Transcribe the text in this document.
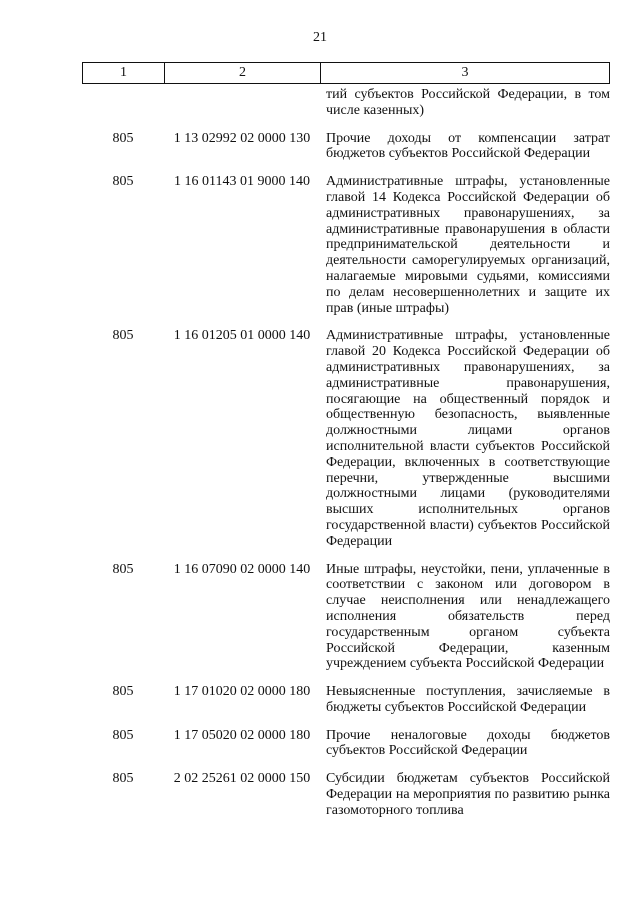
21
1	2	3
тий субъектов Российской Федерации, в том числе казенных)
805	1 13 02992 02 0000 130	Прочие доходы от компенсации затрат бюджетов субъектов Российской Федерации
805	1 16 01143 01 9000 140	Административные штрафы, установленные главой 14 Кодекса Российской Федерации об административных правонарушениях, за административные правонарушения в области предпринимательской деятельности и деятельности саморегулируемых организаций, налагаемые мировыми судьями, комиссиями по делам несовершеннолетних и защите их прав (иные штрафы)
805	1 16 01205 01 0000 140	Административные штрафы, установленные главой 20 Кодекса Российской Федерации об административных правонарушениях, за административные правонарушения, посягающие на общественный порядок и общественную безопасность, выявленные должностными лицами органов исполнительной власти субъектов Российской Федерации, включенных в соответствующие перечни, утвержденные высшими должностными лицами (руководителями высших исполнительных органов государственной власти) субъектов Российской Федерации
805	1 16 07090 02 0000 140	Иные штрафы, неустойки, пени, уплаченные в соответствии с законом или договором в случае неисполнения или ненадлежащего исполнения обязательств перед государственным органом субъекта Российской Федерации, казенным учреждением субъекта Российской Федерации
805	1 17 01020 02 0000 180	Невыясненные поступления, зачисляемые в бюджеты субъектов Российской Федерации
805	1 17 05020 02 0000 180	Прочие неналоговые доходы бюджетов субъектов Российской Федерации
805	2 02 25261 02 0000 150	Субсидии бюджетам субъектов Российской Федерации на мероприятия по развитию рынка газомоторного топлива
